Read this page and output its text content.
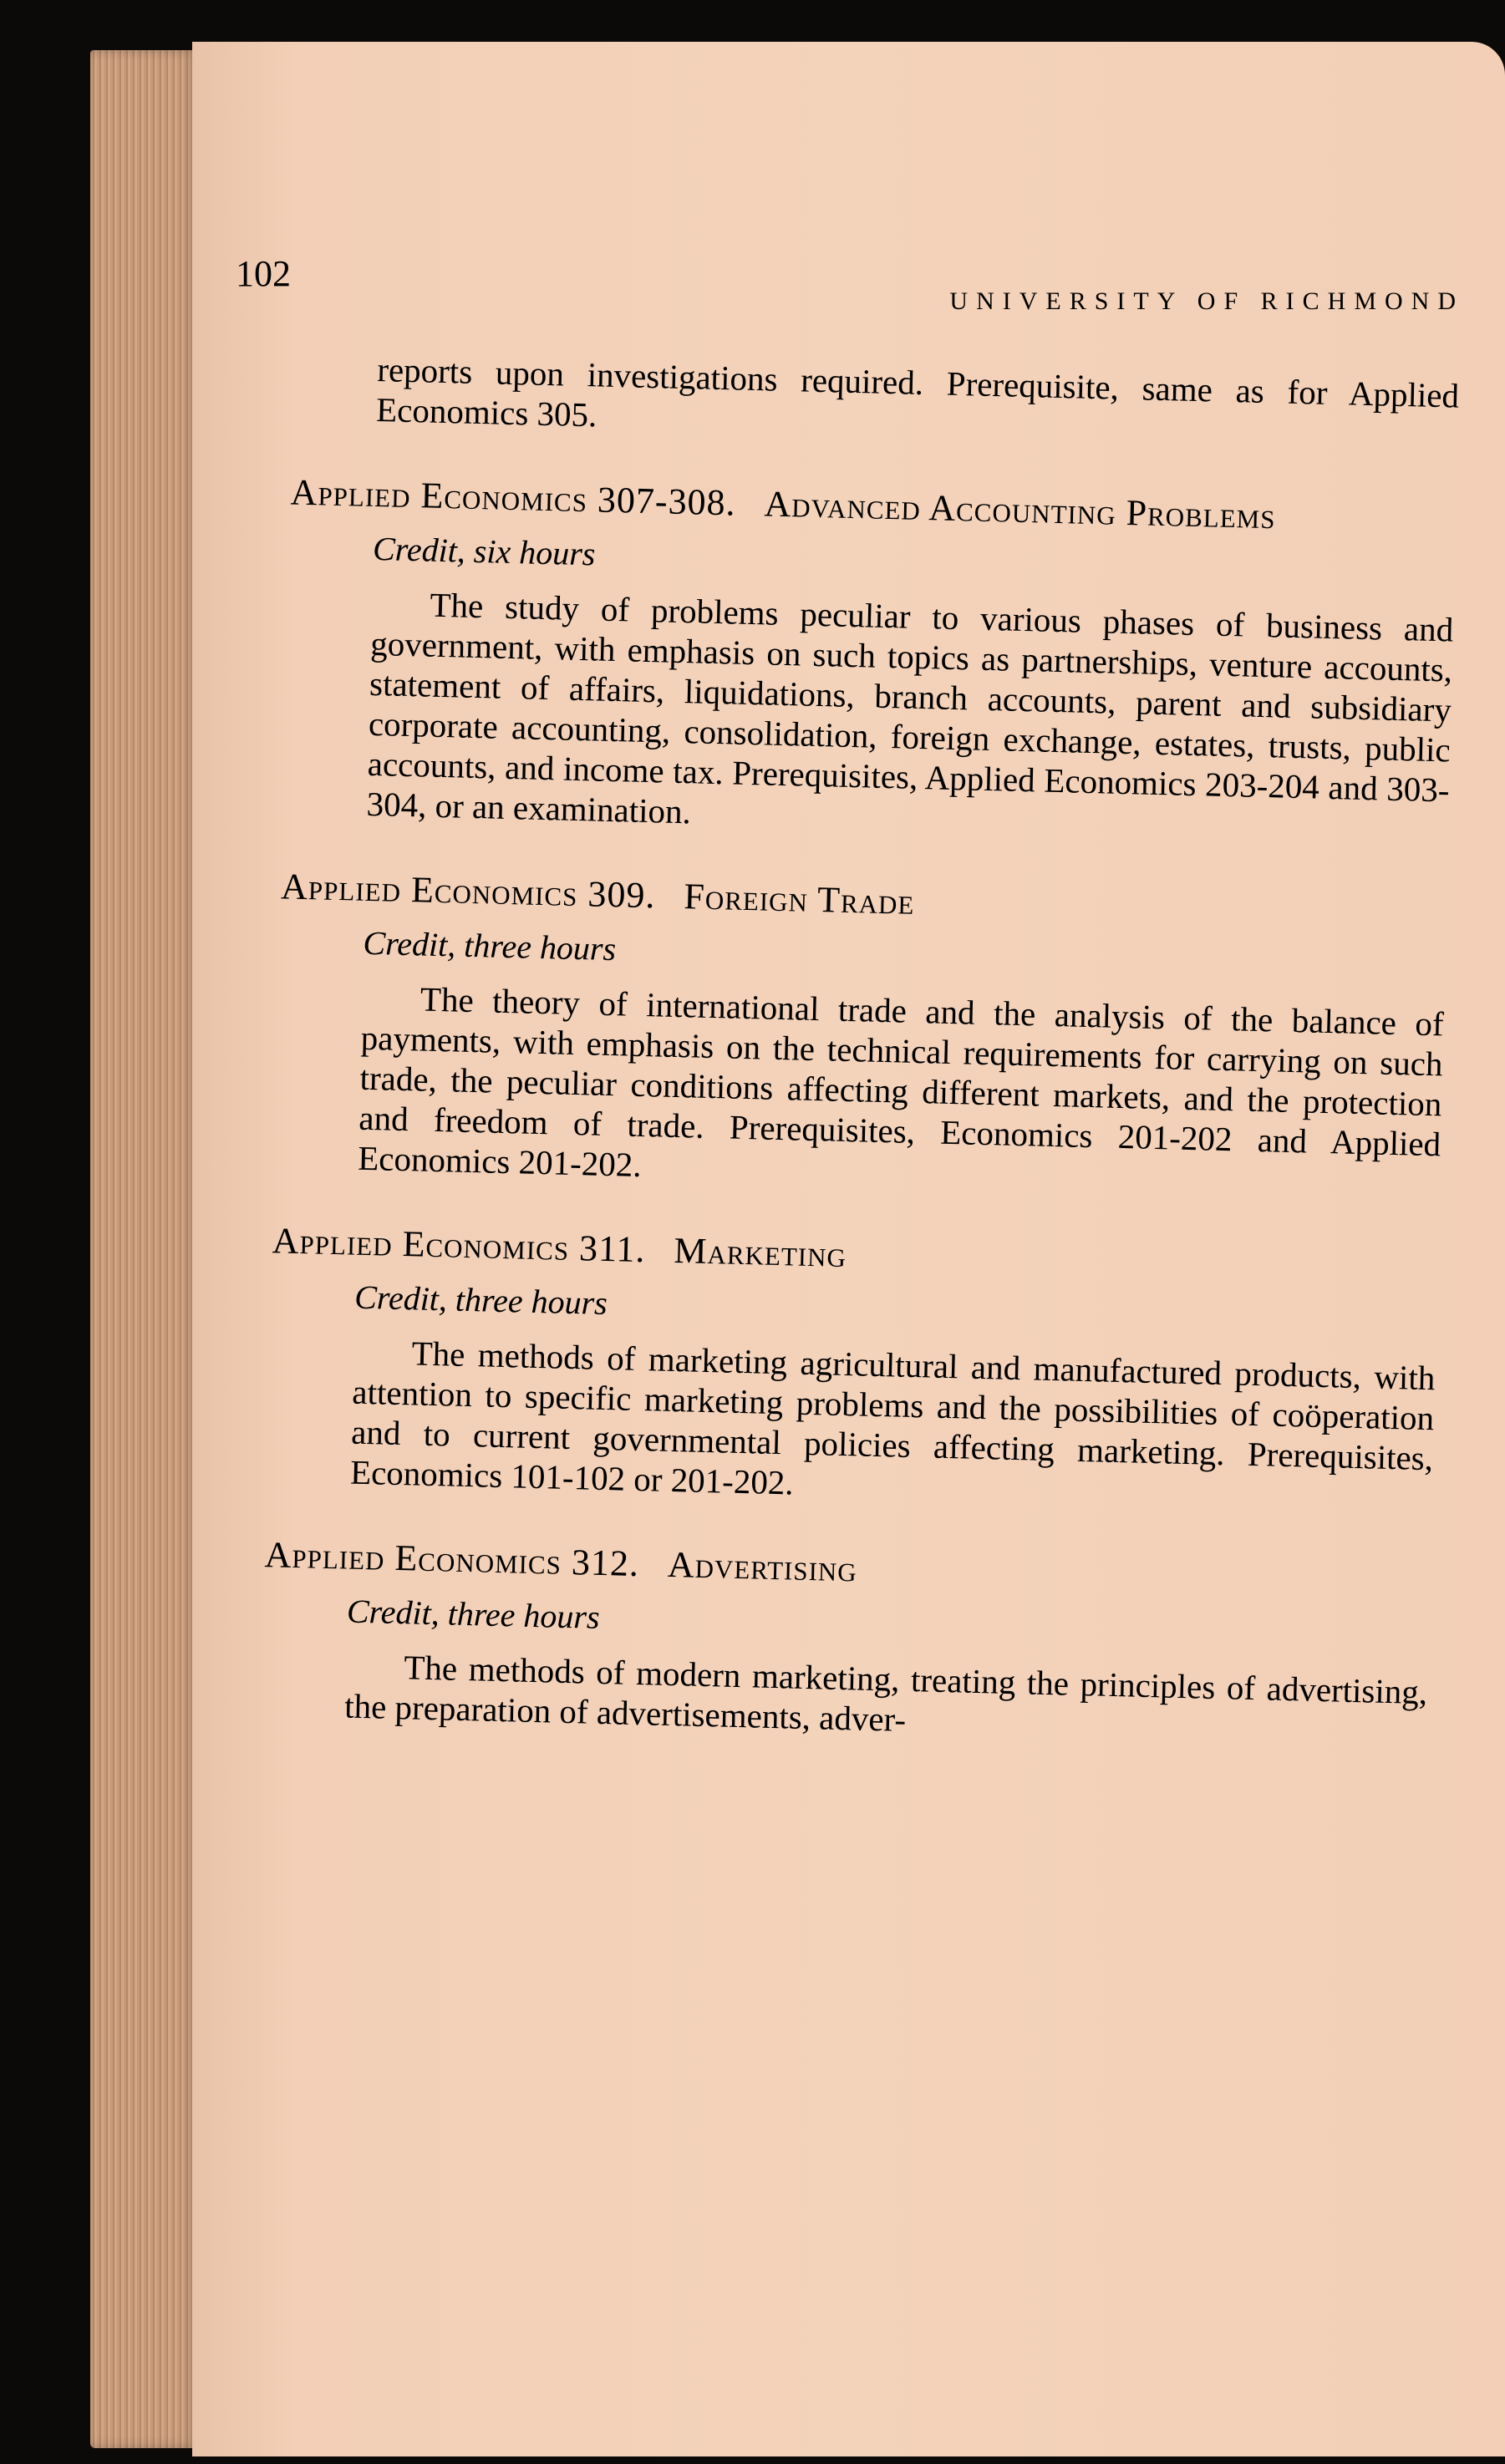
102
UNIVERSITY OF RICHMOND

reports upon investigations required. Prerequisite, same as for Applied Economics 305.

Applied Economics 307-308. Advanced Accounting Problems
Credit, six hours

The study of problems peculiar to various phases of business and government, with emphasis on such topics as partnerships, venture accounts, statement of affairs, liquidations, branch accounts, parent and subsidiary corporate accounting, consolidation, foreign exchange, estates, trusts, public accounts, and income tax. Prerequisites, Applied Economics 203-204 and 303-304, or an examination.

Applied Economics 309. Foreign Trade
Credit, three hours

The theory of international trade and the analysis of the balance of payments, with emphasis on the technical requirements for carrying on such trade, the peculiar conditions affecting different markets, and the protection and freedom of trade. Prerequisites, Economics 201-202 and Applied Economics 201-202.

Applied Economics 311. Marketing
Credit, three hours

The methods of marketing agricultural and manufactured products, with attention to specific marketing problems and the possibilities of coöperation and to current governmental policies affecting marketing. Prerequisites, Economics 101-102 or 201-202.

Applied Economics 312. Advertising
Credit, three hours

The methods of modern marketing, treating the principles of advertising, the preparation of advertisements, adver-
